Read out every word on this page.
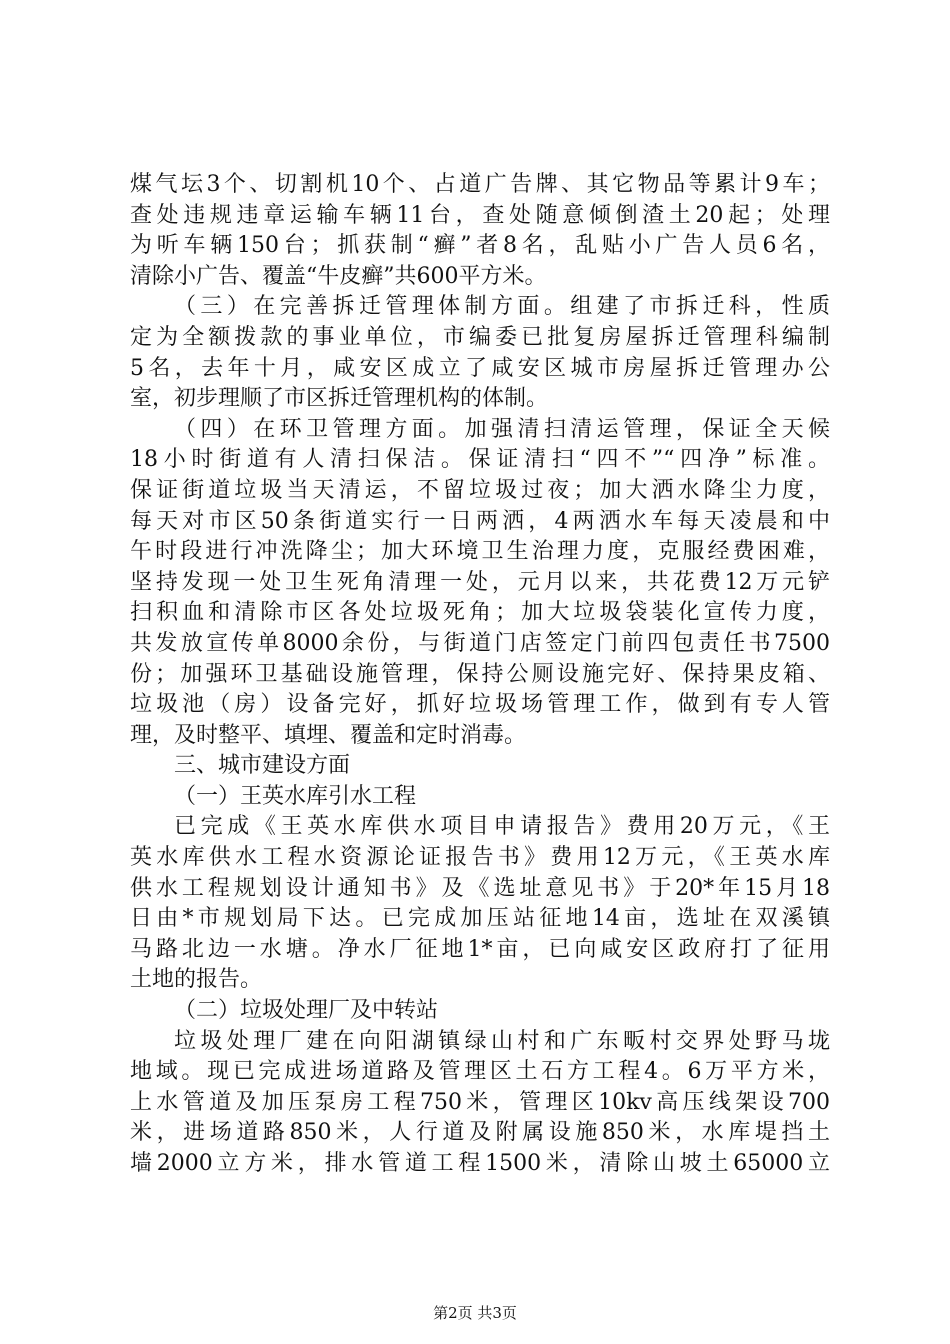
煤气坛3个、切割机10个、占道广告牌、其它物品等累计9车；
查处违规违章运输车辆11台，查处随意倾倒渣土20起；处理
为听车辆150台；抓获制“癣”者8名，乱贴小广告人员6名，
清除小广告、覆盖“牛皮癣”共600平方米。
（三）在完善拆迁管理体制方面。组建了市拆迁科，性质
定为全额拨款的事业单位，市编委已批复房屋拆迁管理科编制
5名，去年十月，咸安区成立了咸安区城市房屋拆迁管理办公
室，初步理顺了市区拆迁管理机构的体制。
（四）在环卫管理方面。加强清扫清运管理，保证全天候
18小时街道有人清扫保洁。保证清扫“四不”“四净”标准。
保证街道垃圾当天清运，不留垃圾过夜；加大洒水降尘力度，
每天对市区50条街道实行一日两洒，4两洒水车每天凌晨和中
午时段进行冲洗降尘；加大环境卫生治理力度，克服经费困难，
坚持发现一处卫生死角清理一处，元月以来，共花费12万元铲
扫积血和清除市区各处垃圾死角；加大垃圾袋装化宣传力度，
共发放宣传单8000余份，与街道门店签定门前四包责任书7500
份；加强环卫基础设施管理，保持公厕设施完好、保持果皮箱、
垃圾池（房）设备完好，抓好垃圾场管理工作，做到有专人管
理，及时整平、填埋、覆盖和定时消毒。
三、城市建设方面
（一）王英水库引水工程
已完成《王英水库供水项目申请报告》费用20万元，《王
英水库供水工程水资源论证报告书》费用12万元，《王英水库
供水工程规划设计通知书》及《选址意见书》于20*年15月18
日由*市规划局下达。已完成加压站征地14亩，选址在双溪镇
马路北边一水塘。净水厂征地1*亩，已向咸安区政府打了征用
土地的报告。
（二）垃圾处理厂及中转站
垃圾处理厂建在向阳湖镇绿山村和广东畈村交界处野马垅
地域。现已完成进场道路及管理区土石方工程4。6万平方米，
上水管道及加压泵房工程750米，管理区10kv高压线架设700
米，进场道路850米，人行道及附属设施850米，水库堤挡土
墙2000立方米，排水管道工程1500米，清除山坡土65000立
第2页 共3页
